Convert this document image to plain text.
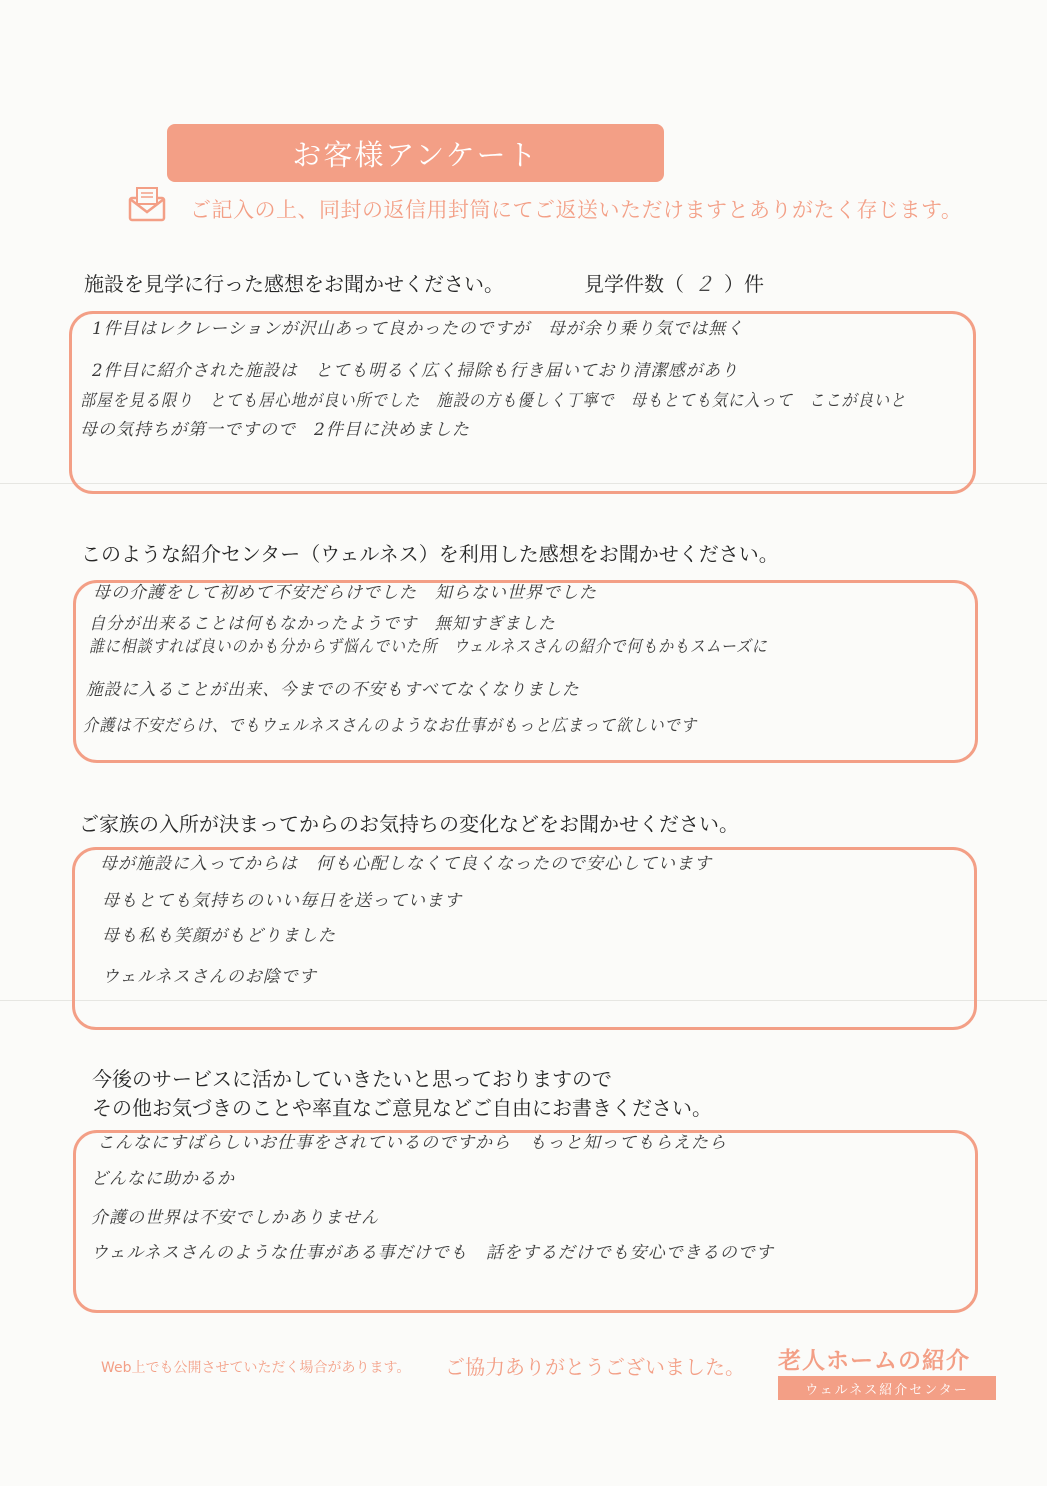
お客様アンケート
ご記入の上、同封の返信用封筒にてご返送いただけますとありがたく存じます。
施設を見学に行った感想をお聞かせください。	見学件数（ ２ ）件
1件目はレクレーションが沢山あって良かったのですが　母が余り乗り気では無く
2件目に紹介された施設は　とても明るく広く掃除も行き届いており清潔感があり
部屋を見る限り　とても居心地が良い所でした　施設の方も優しく丁寧で　母もとても気に入って　ここが良いと
母の気持ちが第一ですので　2件目に決めました
このような紹介センター（ウェルネス）を利用した感想をお聞かせください。
母の介護をして初めて不安だらけでした　知らない世界でした
自分が出来ることは何もなかったようです　無知すぎました
誰に相談すれば良いのかも分からず悩んでいた所　ウェルネスさんの紹介で何もかもスムーズに
施設に入ることが出来、今までの不安もすべてなくなりました
介護は不安だらけ、でもウェルネスさんのようなお仕事がもっと広まって欲しいです
ご家族の入所が決まってからのお気持ちの変化などをお聞かせください。
母が施設に入ってからは　何も心配しなくて良くなったので安心しています
母もとても気持ちのいい毎日を送っています
母も私も笑顔がもどりました
ウェルネスさんのお陰です
今後のサービスに活かしていきたいと思っておりますので
その他お気づきのことや率直なご意見などご自由にお書きください。
こんなにすばらしいお仕事をされているのですから　もっと知ってもらえたら
どんなに助かるか
介護の世界は不安でしかありません
ウェルネスさんのような仕事がある事だけでも　話をするだけでも安心できるのです
Web上でも公開させていただく場合があります。 ご協力ありがとうございました。 老人ホームの紹介
ウェルネス紹介センター
